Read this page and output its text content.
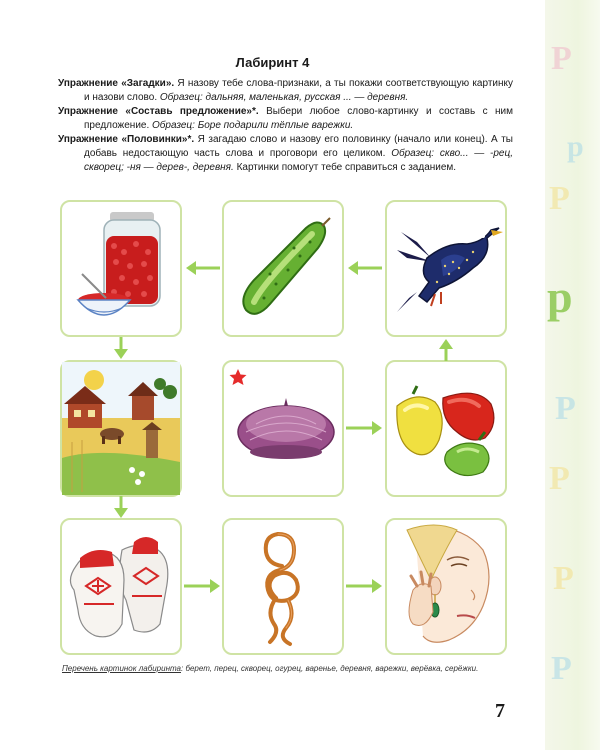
Лабиринт 4

Упражнение «Загадки». Я назову тебе слова-признаки, а ты покажи соответствующую картинку и назови слово. Образец: дальняя, маленькая, русская ... — деревня.

Упражнение «Составь предложение»*. Выбери любое слово-картинку и составь с ним предложение. Образец: Боре подарили тёплые варежки.

Упражнение «Половинки»*. Я загадаю слово и назову его половинку (начало или конец). А ты добавь недостающую часть слова и проговори его целиком. Образец: скво... — -рец, скворец; -ня — дерев-, деревня. Картинки помогут тебе справиться с заданием.

Перечень картинок лабиринта: берет, перец, скворец, огурец, варенье, деревня, варежки, верёвка, серёжки.
7
Р
р
Р
р
Р
Р
Р
Р
